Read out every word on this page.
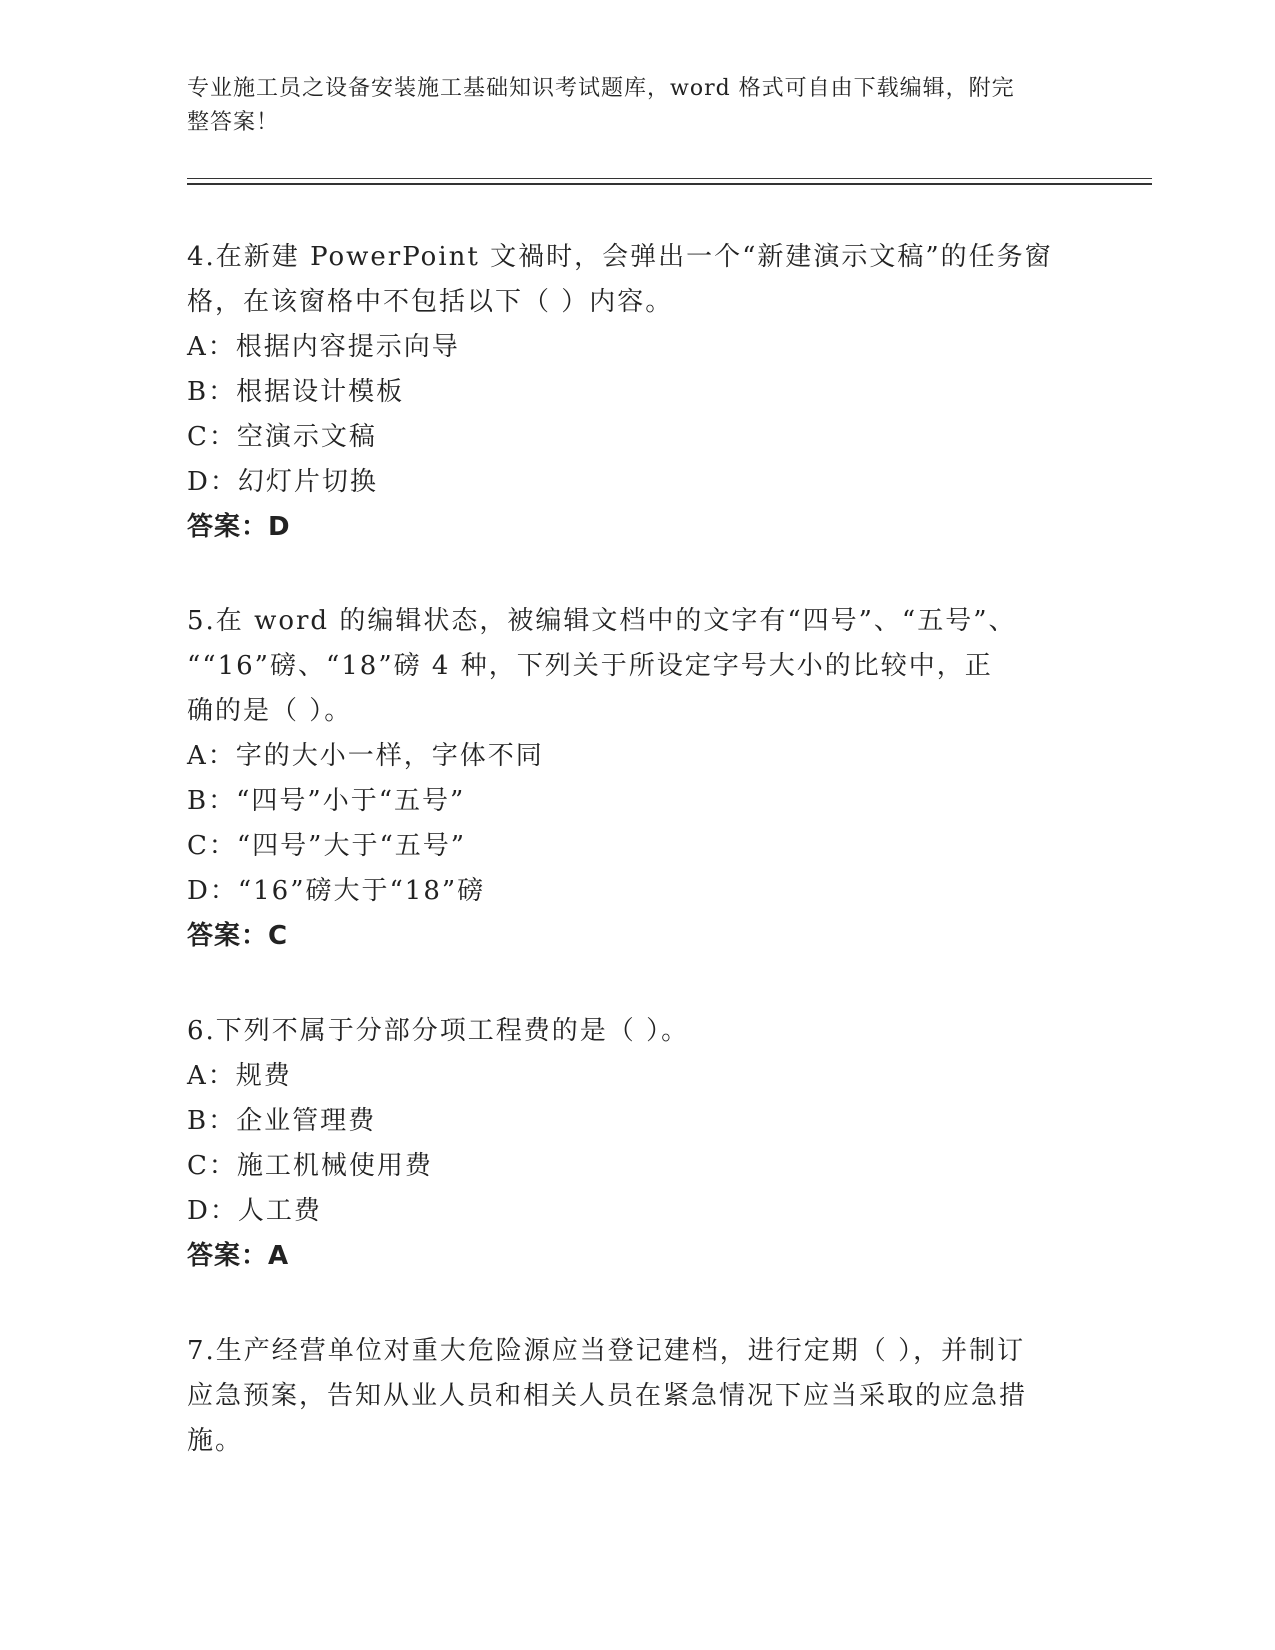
专业施工员之设备安装施工基础知识考试题库，word 格式可自由下载编辑，附完
整答案！

4.在新建 PowerPoint 文禍时，会弹出一个“新建演示文稿”的任务窗

格，在该窗格中不包括以下（ ）内容。

A：根据内容提示向导

B：根据设计模板

C：空演示文稿

D：幻灯片切换

答案：D

5.在 word 的编辑状态，被编辑文档中的文字有“四号”、“五号”、

““16”磅、“18”磅 4 种，下列关于所设定字号大小的比较中，正

确的是（ ）。

A：字的大小一样，字体不同

B：“四号”小于“五号”

C：“四号”大于“五号”

D：“16”磅大于“18”磅

答案：C

6.下列不属于分部分项工程费的是（ ）。

A：规费

B：企业管理费

C：施工机械使用费

D：人工费

答案：A

7.生产经营单位对重大危险源应当登记建档，进行定期（ ），并制订

应急预案，告知从业人员和相关人员在紧急情况下应当采取的应急措

施。
